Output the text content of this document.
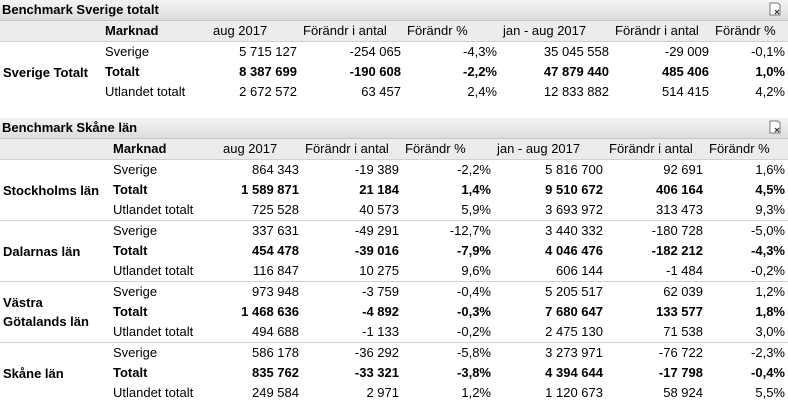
Benchmark Sverige totalt
	Marknad	aug 2017	Förändr i antal	Förändr %	jan - aug 2017	Förändr i antal	Förändr %
Sverige Totalt	Sverige	5 715 127	-254 065	-4,3%	35 045 558	-29 009	-0,1%
	Totalt	8 387 699	-190 608	-2,2%	47 879 440	485 406	1,0%
	Utlandet totalt	2 672 572	63 457	2,4%	12 833 882	514 415	4,2%
Benchmark Skåne län
	Marknad	aug 2017	Förändr i antal	Förändr %	jan - aug 2017	Förändr i antal	Förändr %
Stockholms län	Sverige	864 343	-19 389	-2,2%	5 816 700	92 691	1,6%
	Totalt	1 589 871	21 184	1,4%	9 510 672	406 164	4,5%
	Utlandet totalt	725 528	40 573	5,9%	3 693 972	313 473	9,3%
Dalarnas län	Sverige	337 631	-49 291	-12,7%	3 440 332	-180 728	-5,0%
	Totalt	454 478	-39 016	-7,9%	4 046 476	-182 212	-4,3%
	Utlandet totalt	116 847	10 275	9,6%	606 144	-1 484	-0,2%
Västra Götalands län	Sverige	973 948	-3 759	-0,4%	5 205 517	62 039	1,2%
	Totalt	1 468 636	-4 892	-0,3%	7 680 647	133 577	1,8%
	Utlandet totalt	494 688	-1 133	-0,2%	2 475 130	71 538	3,0%
Skåne län	Sverige	586 178	-36 292	-5,8%	3 273 971	-76 722	-2,3%
	Totalt	835 762	-33 321	-3,8%	4 394 644	-17 798	-0,4%
	Utlandet totalt	249 584	2 971	1,2%	1 120 673	58 924	5,5%
